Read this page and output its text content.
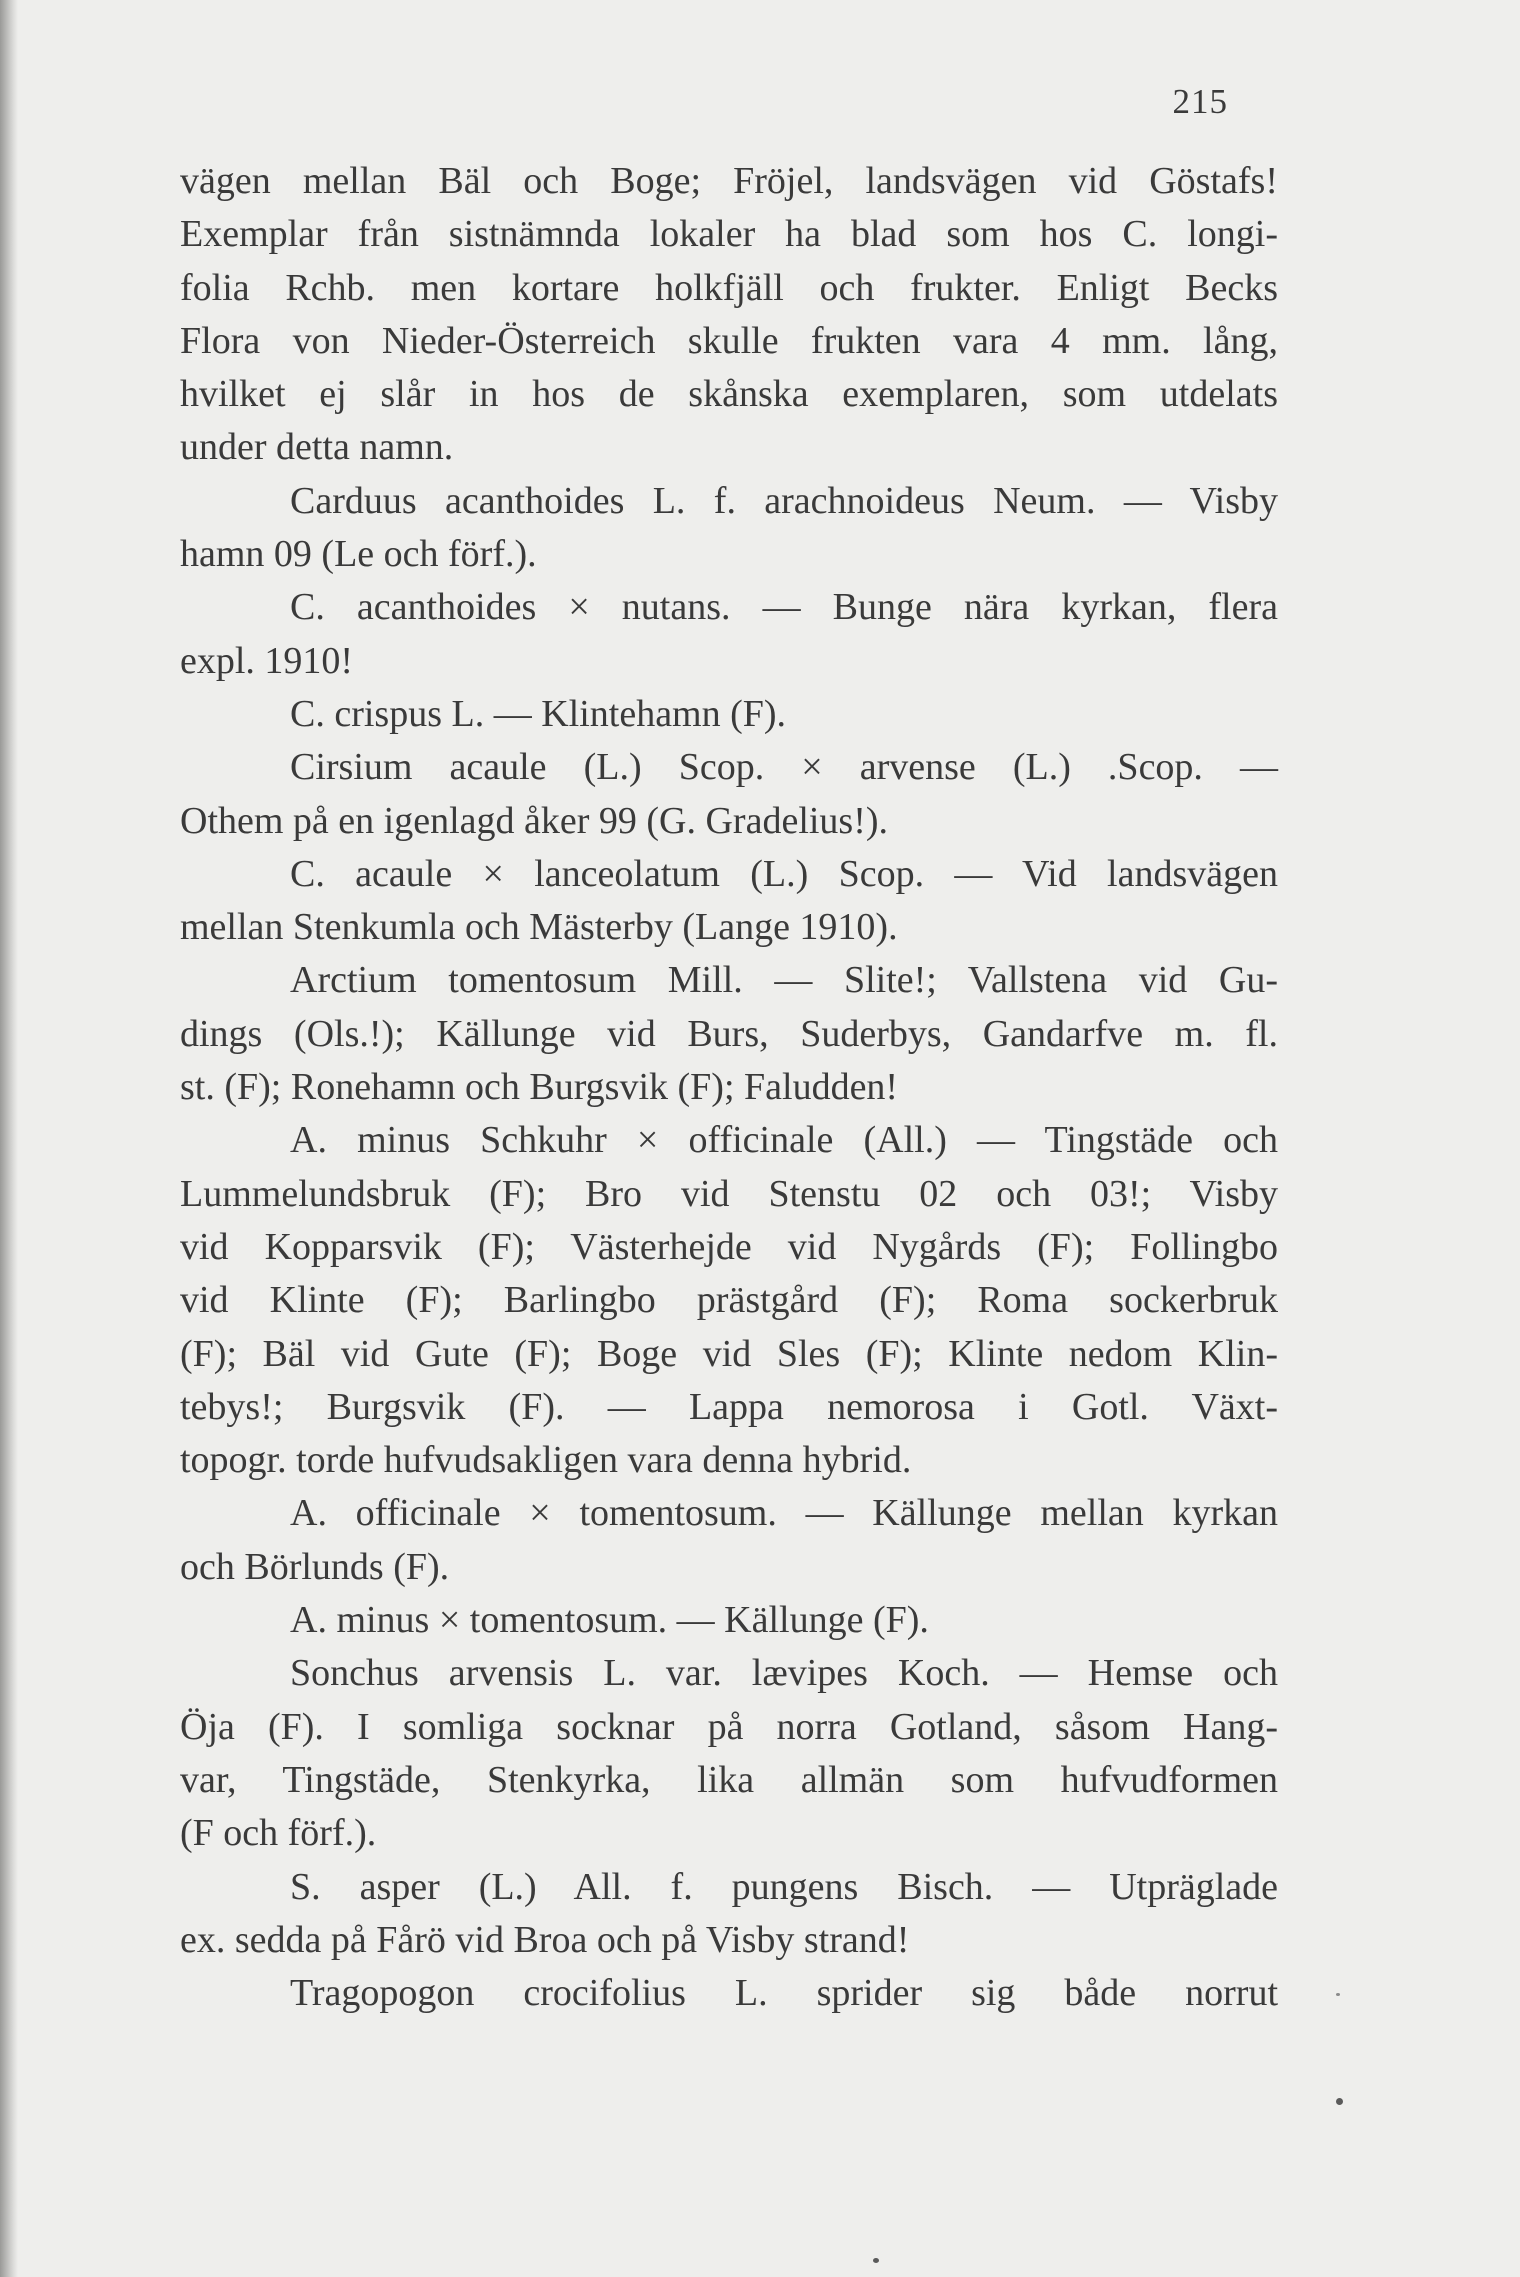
215
vägen mellan Bäl och Boge; Fröjel, landsvägen vid Göstafs!
Exemplar från sistnämnda lokaler ha blad som hos C. longi-
folia Rchb. men kortare holkfjäll och frukter. Enligt Becks
Flora von Nieder-Österreich skulle frukten vara 4 mm. lång,
hvilket ej slår in hos de skånska exemplaren, som utdelats
under detta namn.
Carduus acanthoides L. f. arachnoideus Neum. — Visby
hamn 09 (Le och förf.).
C. acanthoides × nutans. — Bunge nära kyrkan, flera
expl. 1910!
C. crispus L. — Klintehamn (F).
Cirsium acaule (L.) Scop. × arvense (L.) .Scop. —
Othem på en igenlagd åker 99 (G. Gradelius!).
C. acaule × lanceolatum (L.) Scop. — Vid landsvägen
mellan Stenkumla och Mästerby (Lange 1910).
Arctium tomentosum Mill. — Slite!; Vallstena vid Gu-
dings (Ols.!); Källunge vid Burs, Suderbys, Gandarfve m. fl.
st. (F); Ronehamn och Burgsvik (F); Faludden!
A. minus Schkuhr × officinale (All.) — Tingstäde och
Lummelundsbruk (F); Bro vid Stenstu 02 och 03!; Visby
vid Kopparsvik (F); Västerhejde vid Nygårds (F); Follingbo
vid Klinte (F); Barlingbo prästgård (F); Roma sockerbruk
(F); Bäl vid Gute (F); Boge vid Sles (F); Klinte nedom Klin-
tebys!; Burgsvik (F). — Lappa nemorosa i Gotl. Växt-
topogr. torde hufvudsakligen vara denna hybrid.
A. officinale × tomentosum. — Källunge mellan kyrkan
och Börlunds (F).
A. minus × tomentosum. — Källunge (F).
Sonchus arvensis L. var. lævipes Koch. — Hemse och
Öja (F). I somliga socknar på norra Gotland, såsom Hang-
var, Tingstäde, Stenkyrka, lika allmän som hufvudformen
(F och förf.).
S. asper (L.) All. f. pungens Bisch. — Utpräglade
ex. sedda på Fårö vid Broa och på Visby strand!
Tragopogon crocifolius L. sprider sig både norrut
